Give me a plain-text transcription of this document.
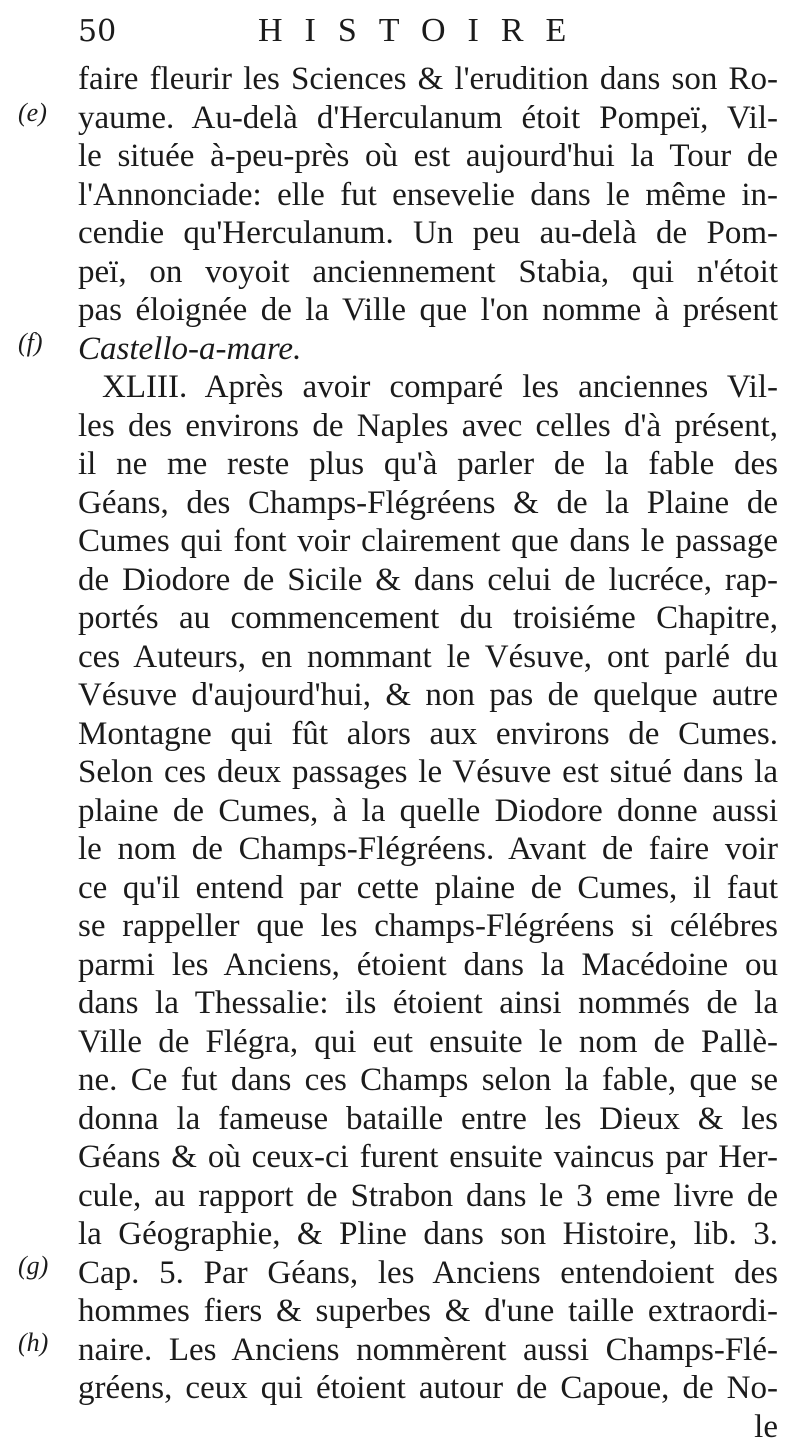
50	HISTOIRE
(e)
(f)
(g)
(h)
faire fleurir les Sciences & l'erudition dans son Ro-
yaume. Au-delà d'Herculanum étoit Pompeï, Vil-
le située à-peu-près où est aujourd'hui la Tour de
l'Annonciade: elle fut ensevelie dans le même in-
cendie qu'Herculanum. Un peu au-delà de Pom-
peï, on voyoit anciennement Stabia, qui n'étoit
pas éloignée de la Ville que l'on nomme à présent
Castello-a-mare.
XLIII. Après avoir comparé les anciennes Vil-
les des environs de Naples avec celles d'à présent,
il ne me reste plus qu'à parler de la fable des
Géans, des Champs-Flégréens & de la Plaine de
Cumes qui font voir clairement que dans le passage
de Diodore de Sicile & dans celui de lucréce, rap-
portés au commencement du troisiéme Chapitre,
ces Auteurs, en nommant le Vésuve, ont parlé du
Vésuve d'aujourd'hui, & non pas de quelque autre
Montagne qui fût alors aux environs de Cumes.
Selon ces deux passages le Vésuve est situé dans la
plaine de Cumes, à la quelle Diodore donne aussi
le nom de Champs-Flégréens. Avant de faire voir
ce qu'il entend par cette plaine de Cumes, il faut
se rappeller que les champs-Flégréens si célébres
parmi les Anciens, étoient dans la Macédoine ou
dans la Thessalie: ils étoient ainsi nommés de la
Ville de Flégra, qui eut ensuite le nom de Pallè-
ne. Ce fut dans ces Champs selon la fable, que se
donna la fameuse bataille entre les Dieux & les
Géans & où ceux-ci furent ensuite vaincus par Her-
cule, au rapport de Strabon dans le 3 eme livre de
la Géographie, & Pline dans son Histoire, lib. 3.
Cap. 5. Par Géans, les Anciens entendoient des
hommes fiers & superbes & d'une taille extraordi-
naire. Les Anciens nommèrent aussi Champs-Flé-
gréens, ceux qui étoient autour de Capoue, de No-
le
